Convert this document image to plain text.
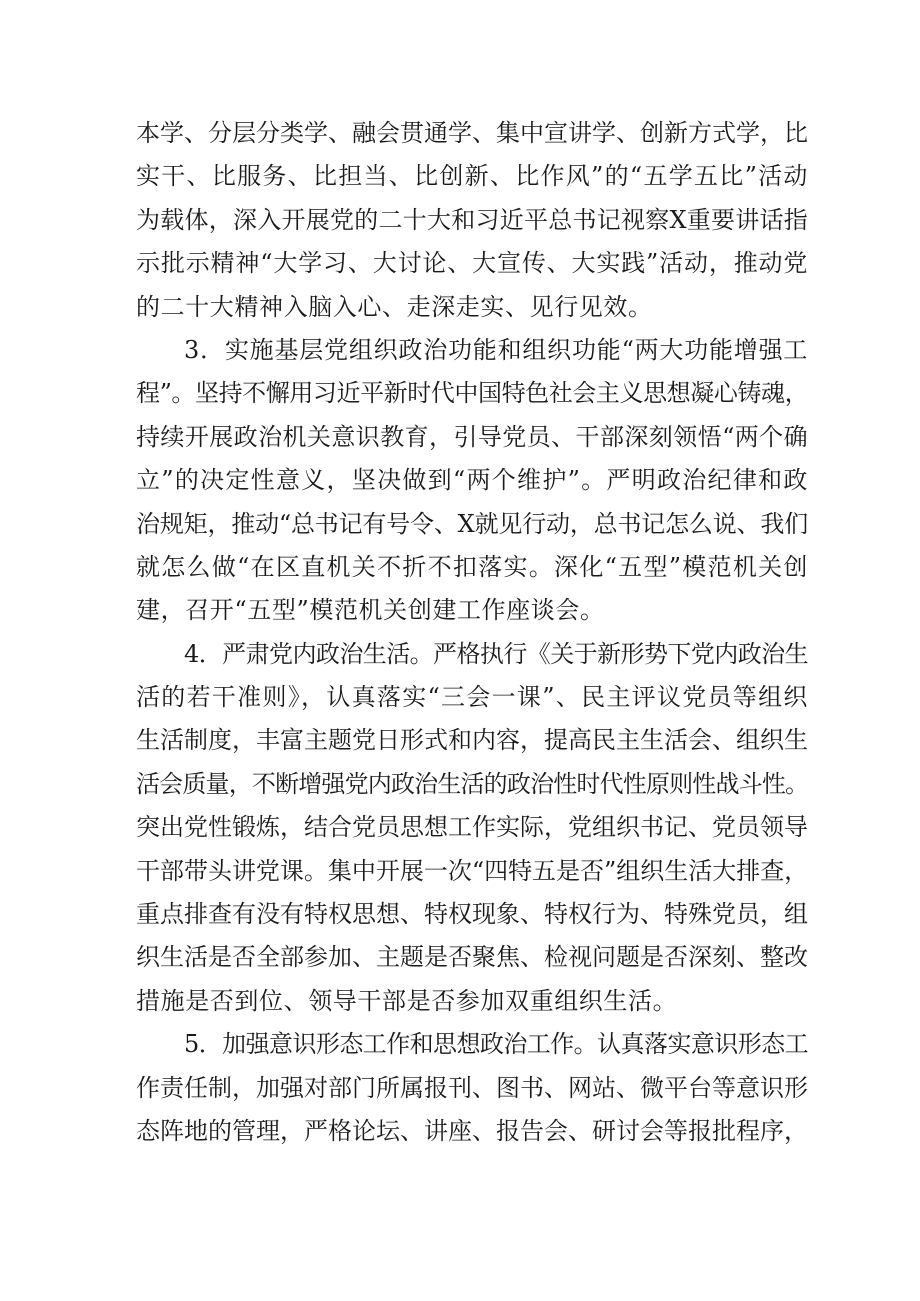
本学、分层分类学、融会贯通学、集中宣讲学、创新方式学，比
实干、比服务、比担当、比创新、比作风”的“五学五比”活动
为载体，深入开展党的二十大和习近平总书记视察X重要讲话指
示批示精神“大学习、大讨论、大宣传、大实践”活动，推动党
的二十大精神入脑入心、走深走实、见行见效。
3．实施基层党组织政治功能和组织功能“两大功能增强工
程”。坚持不懈用习近平新时代中国特色社会主义思想凝心铸魂，
持续开展政治机关意识教育，引导党员、干部深刻领悟“两个确
立”的决定性意义，坚决做到“两个维护”。严明政治纪律和政
治规矩，推动“总书记有号令、X就见行动，总书记怎么说、我们
就怎么做“在区直机关不折不扣落实。深化“五型”模范机关创
建，召开“五型”模范机关创建工作座谈会。
4．严肃党内政治生活。严格执行《关于新形势下党内政治生
活的若干准则》，认真落实“三会一课”、民主评议党员等组织
生活制度，丰富主题党日形式和内容，提高民主生活会、组织生
活会质量，不断增强党内政治生活的政治性时代性原则性战斗性。
突出党性锻炼，结合党员思想工作实际，党组织书记、党员领导
干部带头讲党课。集中开展一次“四特五是否”组织生活大排查，
重点排查有没有特权思想、特权现象、特权行为、特殊党员，组
织生活是否全部参加、主题是否聚焦、检视问题是否深刻、整改
措施是否到位、领导干部是否参加双重组织生活。
5．加强意识形态工作和思想政治工作。认真落实意识形态工
作责任制，加强对部门所属报刊、图书、网站、微平台等意识形
态阵地的管理，严格论坛、讲座、报告会、研讨会等报批程序，
